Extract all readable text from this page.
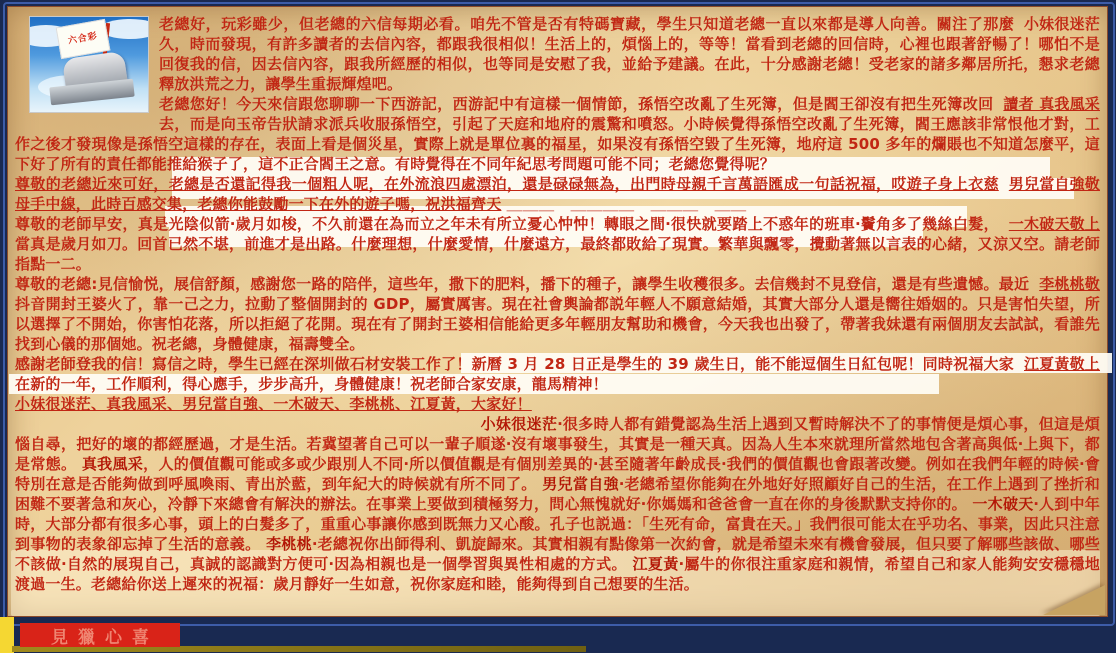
六合彩

小妹很迷茫
老總好，玩彩雖少，但老總的六信每期必看。咱先不管是否有特碼寶藏，學生只知道老總一直以來都是導人向善。關注了那麼久，時而發現，有許多讀者的去信內容，都跟我很相似！生活上的，煩惱上的，等等！當看到老總的回信時，心裡也跟著舒暢了！哪怕不是回復我的信，因去信內容，跟我所經歷的相似，也等同是安慰了我，並給予建議。在此，十分感謝老總！受老家的諸多鄰居所托，懇求老總釋放洪荒之力，讓學生重振輝煌吧。

讀者 真我風采
老總您好！今天來信跟您聊聊一下西游記，西游記中有這樣一個情節，孫悟空改亂了生死簿，但是閻王卻沒有把生死簿改回去，而是向玉帝告狀請求派兵收服孫悟空，引起了天庭和地府的震驚和噴怒。小時候覺得孫悟空改亂了生死簿，閻王應該非常恨他才對，工作之後才發現像是孫悟空這樣的存在，表面上看是個災星，實際上就是單位裏的福星，如果沒有孫悟空毀了生死簿，地府這 500 多年的爛賬也不知道怎麼平，這下好了所有的責任都能推給猴子了，這不正合閻王之意。有時覺得在不同年紀思考問題可能不同；老總您覺得呢？

男兒當自強敬
尊敬的老總近來可好，老總是否還記得我一個粗人呢，在外流浪四處漂泊，還是碌碌無為，出門時母親千言萬語匯成一句話祝福，哎遊子身上衣慈母手中線，此時百感交集，老總你能鼓勵一下在外的遊子嗎，祝洪福齊天 ＿＿＿　＿＿＿＿　＿＿＿　＿＿

一木破天敬上
尊敬的老師早安，真是光陰似箭‧歲月如梭，不久前還在為而立之年未有所立憂心忡忡！轉眼之間‧很快就要踏上不惑年的班車‧鬢角多了幾絲白髮，當真是歲月如刀。回首已然不堪，前進才是出路。什麼理想，什麼愛情，什麼遠方，最終都敗給了現實。繁華與飄零，攪動著無以言表的心緒，又涼又空。請老師指點一二。

李桃桃敬
尊敬的老總:見信愉悦，展信舒顏，感謝您一路的陪伴，這些年，撒下的肥料，播下的種子，讓學生收穫很多。去信幾封不見登信，還是有些遺憾。最近抖音開封王婆火了，靠一己之力，拉動了整個開封的 GDP，屬實厲害。現在社會輿論都説年輕人不願意結婚，其實大部分人還是嚮往婚姻的。只是害怕失望，所以選擇了不開始，你害怕花落，所以拒絕了花開。現在有了開封王婆相信能給更多年輕朋友幫助和機會，今天我也出發了，帶著我妹還有兩個朋友去試試，看誰先找到心儀的那個她。祝老總，身體健康，福壽雙全。

江夏黃敬上
感謝老師登我的信！寫信之時，學生已經在深圳做石材安裝工作了！新曆 3 月 28 日正是學生的 39 歲生日，能不能逗個生日紅包呢！同時祝福大家在新的一年，工作順利，得心應手，步步高升，身體健康！祝老師合家安康，龍馬精神！

小妹很迷茫、真我風采、男兒當自強、一木破天、李桃桃、江夏黃，大家好！

小妹很迷茫‧很多時人都有錯覺認為生活上遇到又暫時解決不了的事情便是煩心事，但這是煩惱自尋，把好的壞的都經歷過，才是生活。若冀望著自己可以一輩子順遂‧沒有壞事發生，其實是一種天真。因為人生本來就理所當然地包含著高與低‧上與下，都是常態。 真我風采，人的價值觀可能或多或少跟別人不同‧所以價值觀是有個別差異的‧甚至隨著年齡成長‧我們的價值觀也會跟著改變。例如在我們年輕的時候‧會特別在意是否能夠做到呼風喚雨、青出於藍，到年紀大的時候就有所不同了。 男兒當自強‧老總希望你能夠在外地好好照顧好自己的生活，在工作上遇到了挫折和困難不要著急和灰心，冷靜下來總會有解決的辦法。在事業上要做到積極努力，問心無愧就好‧你媽媽和爸爸會一直在你的身後默默支持你的。 一木破天‧人到中年時，大部分都有很多心事，頭上的白髮多了，重重心事讓你感到既無力又心酸。孔子也説過：「生死有命，富貴在天。」我們很可能太在乎功名、事業，因此只注意到事物的表象卻忘掉了生活的意義。 李桃桃‧老總祝你出師得利、凱旋歸來。其實相親有點像第一次約會，就是希望未來有機會發展，但只要了解哪些該做、哪些不該做‧自然的展現自己，真誠的認識對方便可‧因為相親也是一個學習與異性相處的方式。 江夏黃‧屬牛的你很注重家庭和親情，希望自己和家人能夠安安穩穩地渡過一生。老總給你送上遲來的祝福：歲月靜好一生如意，祝你家庭和睦，能夠得到自己想要的生活。

見獵心喜
